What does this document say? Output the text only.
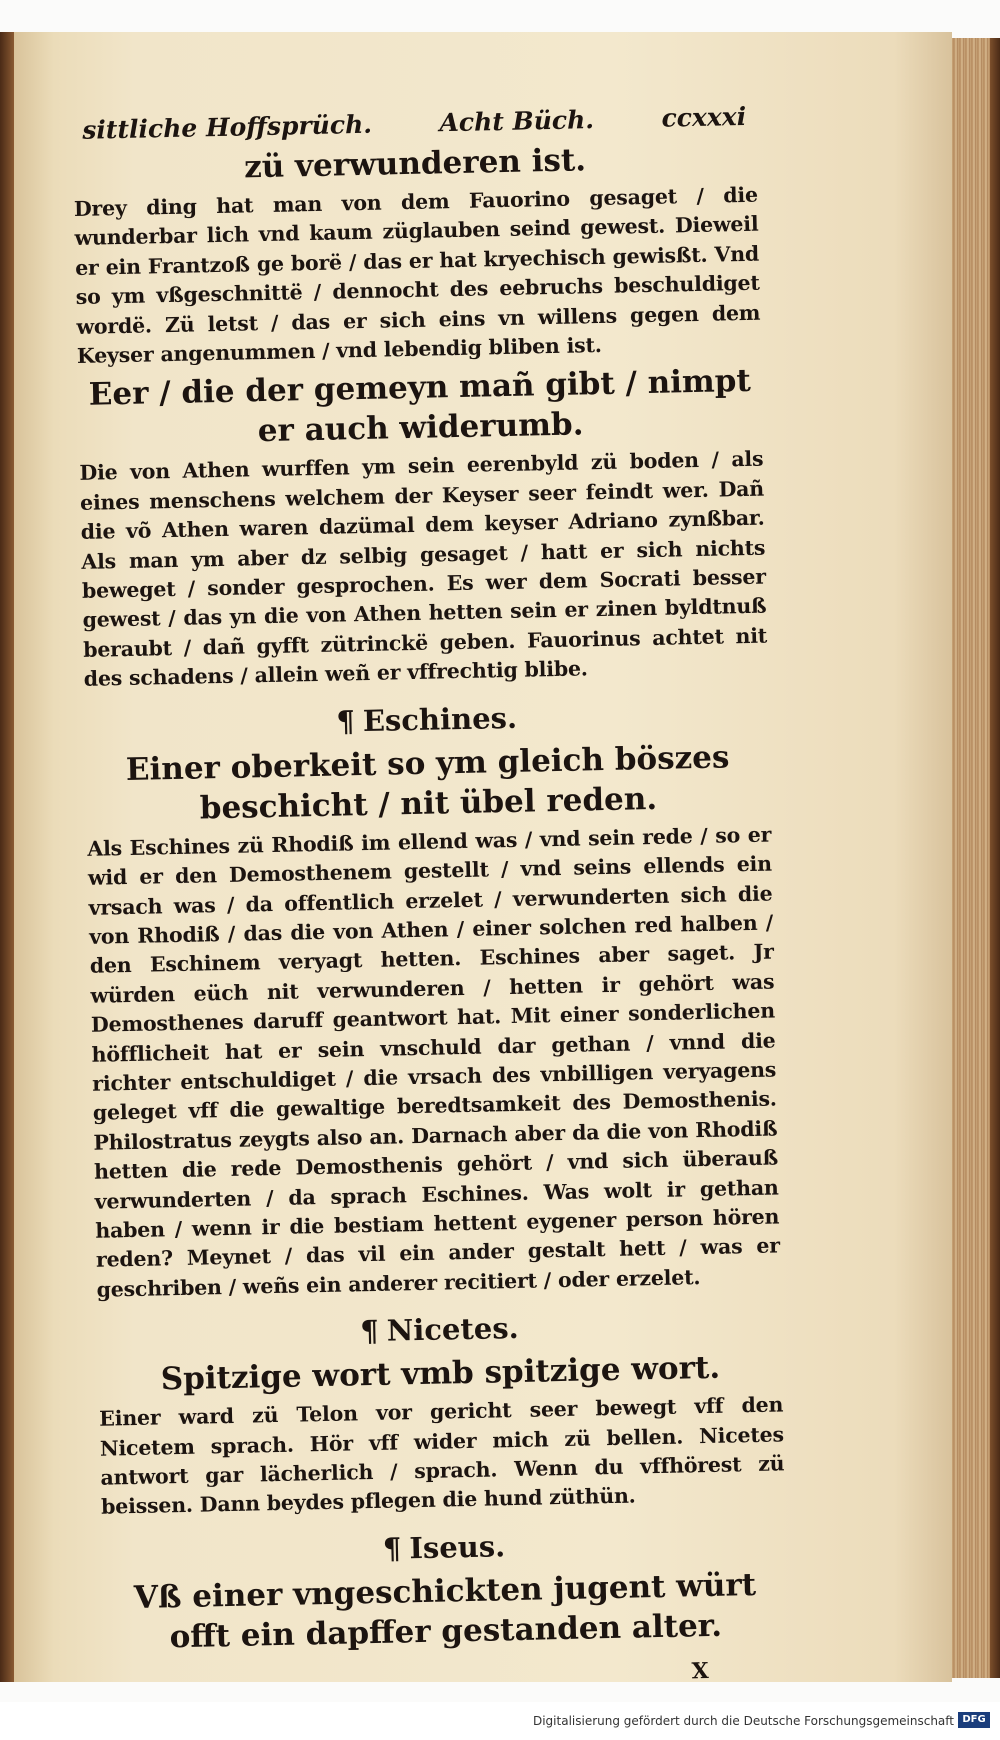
sittliche Hoffsprüch.	Acht Büch.	ccxxxi
zü verwunderen ist.

Drey ding hat man von dem Fauorino gesaget / die wunderbar lich vnd kaum züglauben seind gewest. Dieweil er ein Frantzoß ge borë / das er hat kryechisch gewisßt. Vnd so ym vßgeschnittë / dennocht des eebruchs beschuldiget wordë. Zü letst / das er sich eins vn willens gegen dem Keyser angenummen / vnd lebendig bliben ist.

Eer / die der gemeyn mañ gibt / nimpt er auch widerumb.

Die von Athen wurffen ym sein eerenbyld zü boden / als eines menschens welchem der Keyser seer feindt wer. Dañ die võ Athen waren dazümal dem keyser Adriano zynßbar. Als man ym aber dz selbig gesaget / hatt er sich nichts beweget / sonder gesprochen. Es wer dem Socrati besser gewest / das yn die von Athen hetten sein er zinen byldtnuß beraubt / dañ gyfft zütrinckë geben. Fauorinus achtet nit des schadens / allein weñ er vffrechtig blibe.

¶ Eschines.
Einer oberkeit so ym gleich böszes beschicht / nit übel reden.

Als Eschines zü Rhodiß im ellend was / vnd sein rede / so er wid er den Demosthenem gestellt / vnd seins ellends ein vrsach was / da offentlich erzelet / verwunderten sich die von Rhodiß / das die von Athen / einer solchen red halben / den Eschinem veryagt hetten. Eschines aber saget. Jr würden eüch nit verwunderen / hetten ir gehört was Demosthenes daruff geantwort hat. Mit einer sonderlichen höfflicheit hat er sein vnschuld dar gethan / vnnd die richter entschuldiget / die vrsach des vnbilligen veryagens geleget vff die gewaltige beredtsamkeit des Demosthenis. Philostratus zeygts also an. Darnach aber da die von Rhodiß hetten die rede Demosthenis gehört / vnd sich überauß verwunderten / da sprach Eschines. Was wolt ir gethan haben / wenn ir die bestiam hettent eygener person hören reden? Meynet / das vil ein ander gestalt hett / was er geschriben / weñs ein anderer recitiert / oder erzelet.

¶ Nicetes.
Spitzige wort vmb spitzige wort.

Einer ward zü Telon vor gericht seer bewegt vff den Nicetem sprach. Hör vff wider mich zü bellen. Nicetes antwort gar lächerlich / sprach. Wenn du vffhörest zü beissen. Dann beydes pflegen die hund züthün.

¶ Iseus.
Vß einer vngeschickten jugent würt offt ein dapffer gestanden alter.
X
Digitalisierung gefördert durch die Deutsche Forschungsgemeinschaft DFG
